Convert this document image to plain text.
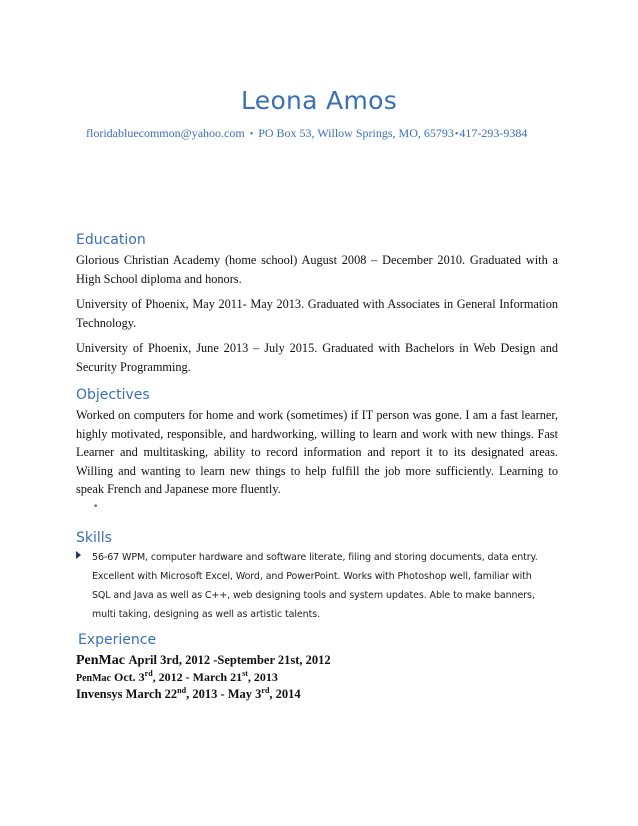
Leona Amos
floridabluecommon@yahoo.com • PO Box 53, Willow Springs, MO, 65793•417-293-9384
Education
Glorious Christian Academy (home school) August 2008 – December 2010. Graduated with a High School diploma and honors.
University of Phoenix, May 2011- May 2013. Graduated with Associates in General Information Technology.
University of Phoenix, June 2013 – July 2015. Graduated with Bachelors in Web Design and Security Programming.
Objectives
Worked on computers for home and work (sometimes) if IT person was gone. I am a fast learner, highly motivated, responsible, and hardworking, willing to learn and work with new things. Fast Learner and multitasking, ability to record information and report it to its designated areas. Willing and wanting to learn new things to help fulfill the job more sufficiently. Learning to speak French and Japanese more fluently.
•
Skills
56-67 WPM, computer hardware and software literate, filing and storing documents, data entry. Excellent with Microsoft Excel, Word, and PowerPoint. Works with Photoshop well, familiar with SQL and Java as well as C++, web designing tools and system updates. Able to make banners, multi taking, designing as well as artistic talents.
Experience
PenMac April 3rd, 2012 -September 21st, 2012
PenMac Oct. 3rd, 2012 - March 21st, 2013
Invensys March 22nd, 2013 - May 3rd, 2014
